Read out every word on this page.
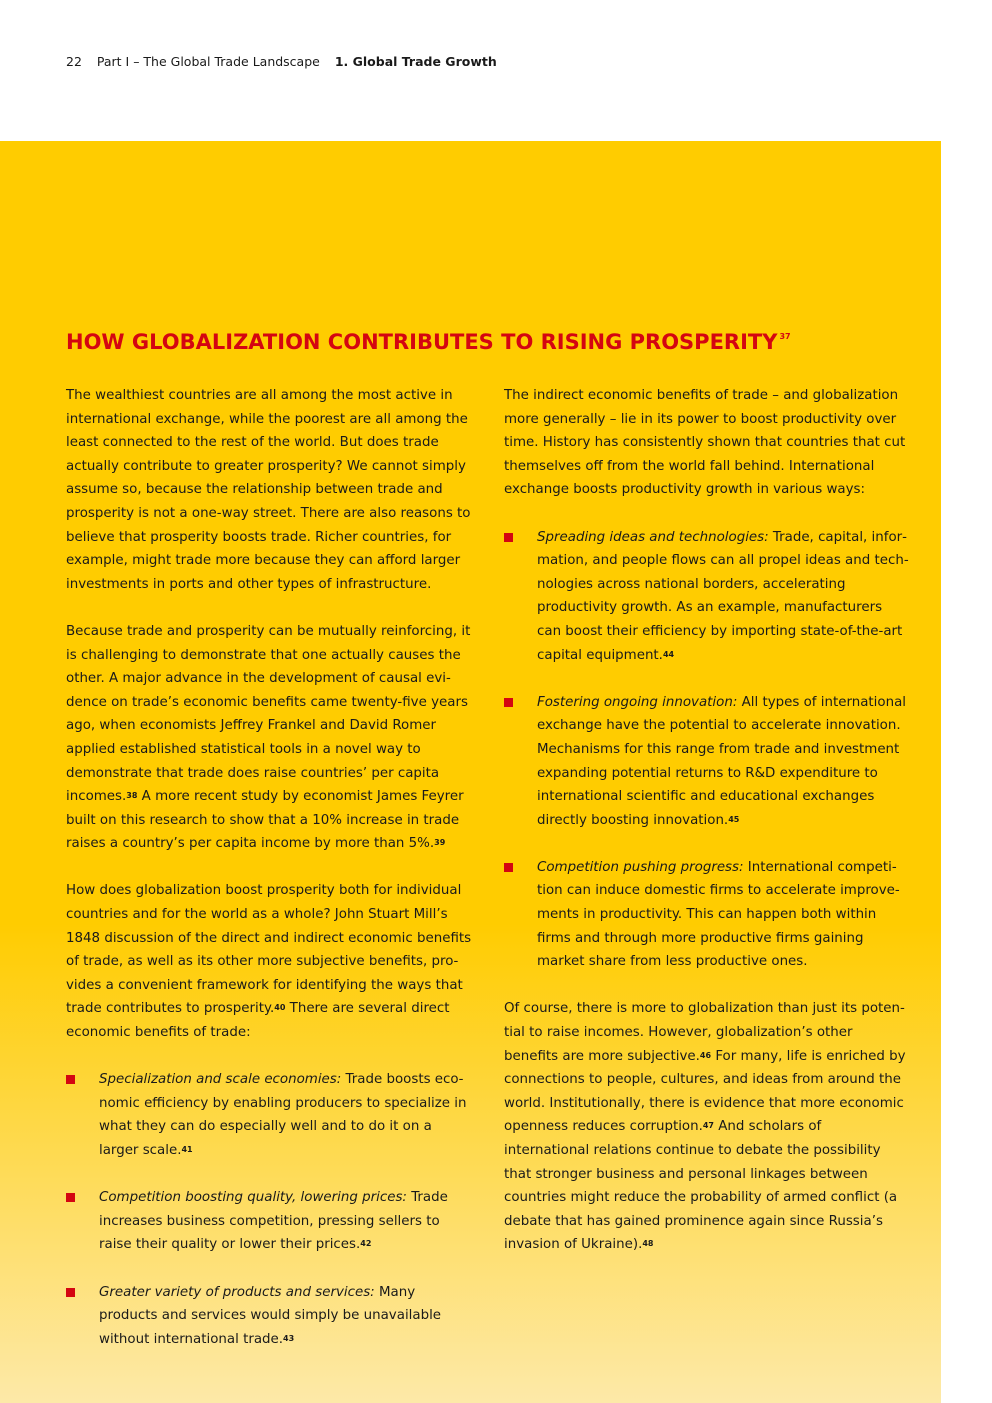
22 Part I – The Global Trade Landscape 1. Global Trade Growth
HOW GLOBALIZATION CONTRIBUTES TO RISING PROSPERITY $^{37}$

The wealthiest countries are all among the most active in international exchange, while the poorest are all among the least connected to the rest of the world. But does trade actually contribute to greater prosperity? We cannot simply assume so, because the relationship between trade and prosperity is not a one-way street. There are also reasons to believe that prosperity boosts trade. Richer countries, for example, might trade more because they can afford larger investments in ports and other types of infrastructure.

Because trade and prosperity can be mutually reinforcing, it is challenging to demonstrate that one actually causes the other. A major advance in the development of causal evidence on trade’s economic benefits came twenty-five years ago, when economists Jeffrey Frankel and David Romer applied established statistical tools in a novel way to demonstrate that trade does raise countries’ per capita incomes.$^{38}$ A more recent study by economist James Feyrer built on this research to show that a 10% increase in trade raises a country’s per capita income by more than 5%.$^{39}$

How does globalization boost prosperity both for individual countries and for the world as a whole? John Stuart Mill’s 1848 discussion of the direct and indirect economic benefits of trade, as well as its other more subjective benefits, provides a convenient framework for identifying the ways that trade contributes to prosperity.$^{40}$ There are several direct economic benefits of trade:

Specialization and scale economies: Trade boosts economic efficiency by enabling producers to specialize in what they can do especially well and to do it on a larger scale.$^{41}$
Competition boosting quality, lowering prices: Trade increases business competition, pressing sellers to raise their quality or lower their prices.$^{42}$
Greater variety of products and services: Many products and services would simply be unavailable without international trade.$^{43}$

The indirect economic benefits of trade – and globalization more generally – lie in its power to boost productivity over time. History has consistently shown that countries that cut themselves off from the world fall behind. International exchange boosts productivity growth in various ways:

Spreading ideas and technologies: Trade, capital, information, and people flows can all propel ideas and technologies across national borders, accelerating productivity growth. As an example, manufacturers can boost their efficiency by importing state-of-the-art capital equipment.$^{44}$
Fostering ongoing innovation: All types of international exchange have the potential to accelerate innovation. Mechanisms for this range from trade and investment expanding potential returns to R&D expenditure to international scientific and educational exchanges directly boosting innovation.$^{45}$
Competition pushing progress: International competition can induce domestic firms to accelerate improvements in productivity. This can happen both within firms and through more productive firms gaining market share from less productive ones.

Of course, there is more to globalization than just its potential to raise incomes. However, globalization’s other benefits are more subjective.$^{46}$ For many, life is enriched by connections to people, cultures, and ideas from around the world. Institutionally, there is evidence that more economic openness reduces corruption.$^{47}$ And scholars of international relations continue to debate the possibility that stronger business and personal linkages between countries might reduce the probability of armed conflict (a debate that has gained prominence again since Russia’s invasion of Ukraine).$^{48}$
